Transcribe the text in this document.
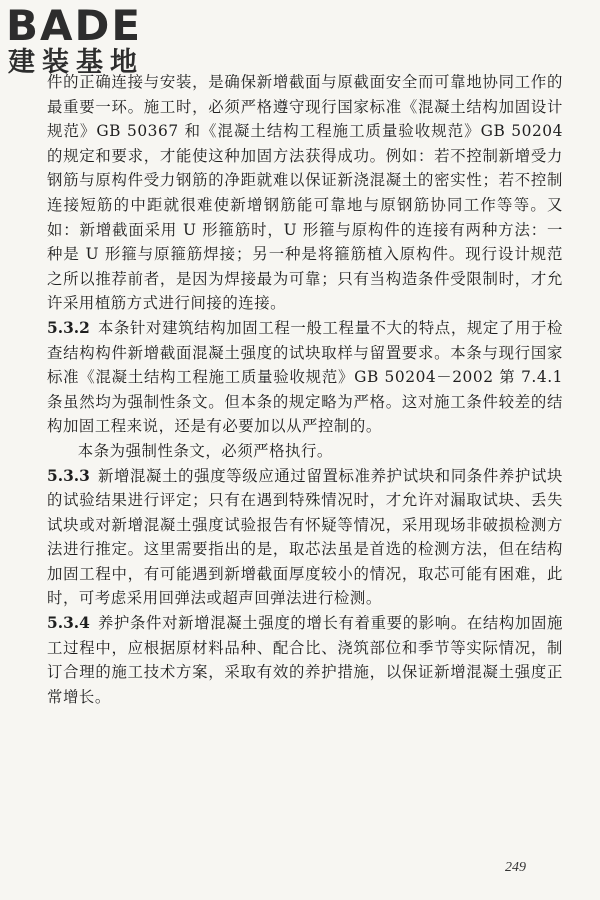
BADE
建装基地

件的正确连接与安装，是确保新增截面与原截面安全而可靠地协同工作的最重要一环。施工时，必须严格遵守现行国家标准《混凝土结构加固设计规范》GB 50367 和《混凝土结构工程施工质量验收规范》GB 50204 的规定和要求，才能使这种加固方法获得成功。例如：若不控制新增受力钢筋与原构件受力钢筋的净距就难以保证新浇混凝土的密实性；若不控制连接短筋的中距就很难使新增钢筋能可靠地与原钢筋协同工作等等。又如：新增截面采用 U 形箍筋时，U 形箍与原构件的连接有两种方法：一种是 U 形箍与原箍筋焊接；另一种是将箍筋植入原构件。现行设计规范之所以推荐前者，是因为焊接最为可靠；只有当构造条件受限制时，才允许采用植筋方式进行间接的连接。

5.3.2 本条针对建筑结构加固工程一般工程量不大的特点，规定了用于检查结构构件新增截面混凝土强度的试块取样与留置要求。本条与现行国家标准《混凝土结构工程施工质量验收规范》GB 50204－2002 第 7.4.1 条虽然均为强制性条文。但本条的规定略为严格。这对施工条件较差的结构加固工程来说，还是有必要加以从严控制的。

本条为强制性条文，必须严格执行。

5.3.3 新增混凝土的强度等级应通过留置标准养护试块和同条件养护试块的试验结果进行评定；只有在遇到特殊情况时，才允许对漏取试块、丢失试块或对新增混凝土强度试验报告有怀疑等情况，采用现场非破损检测方法进行推定。这里需要指出的是，取芯法虽是首选的检测方法，但在结构加固工程中，有可能遇到新增截面厚度较小的情况，取芯可能有困难，此时，可考虑采用回弹法或超声回弹法进行检测。

5.3.4 养护条件对新增混凝土强度的增长有着重要的影响。在结构加固施工过程中，应根据原材料品种、配合比、浇筑部位和季节等实际情况，制订合理的施工技术方案，采取有效的养护措施，以保证新增混凝土强度正常增长。

249
